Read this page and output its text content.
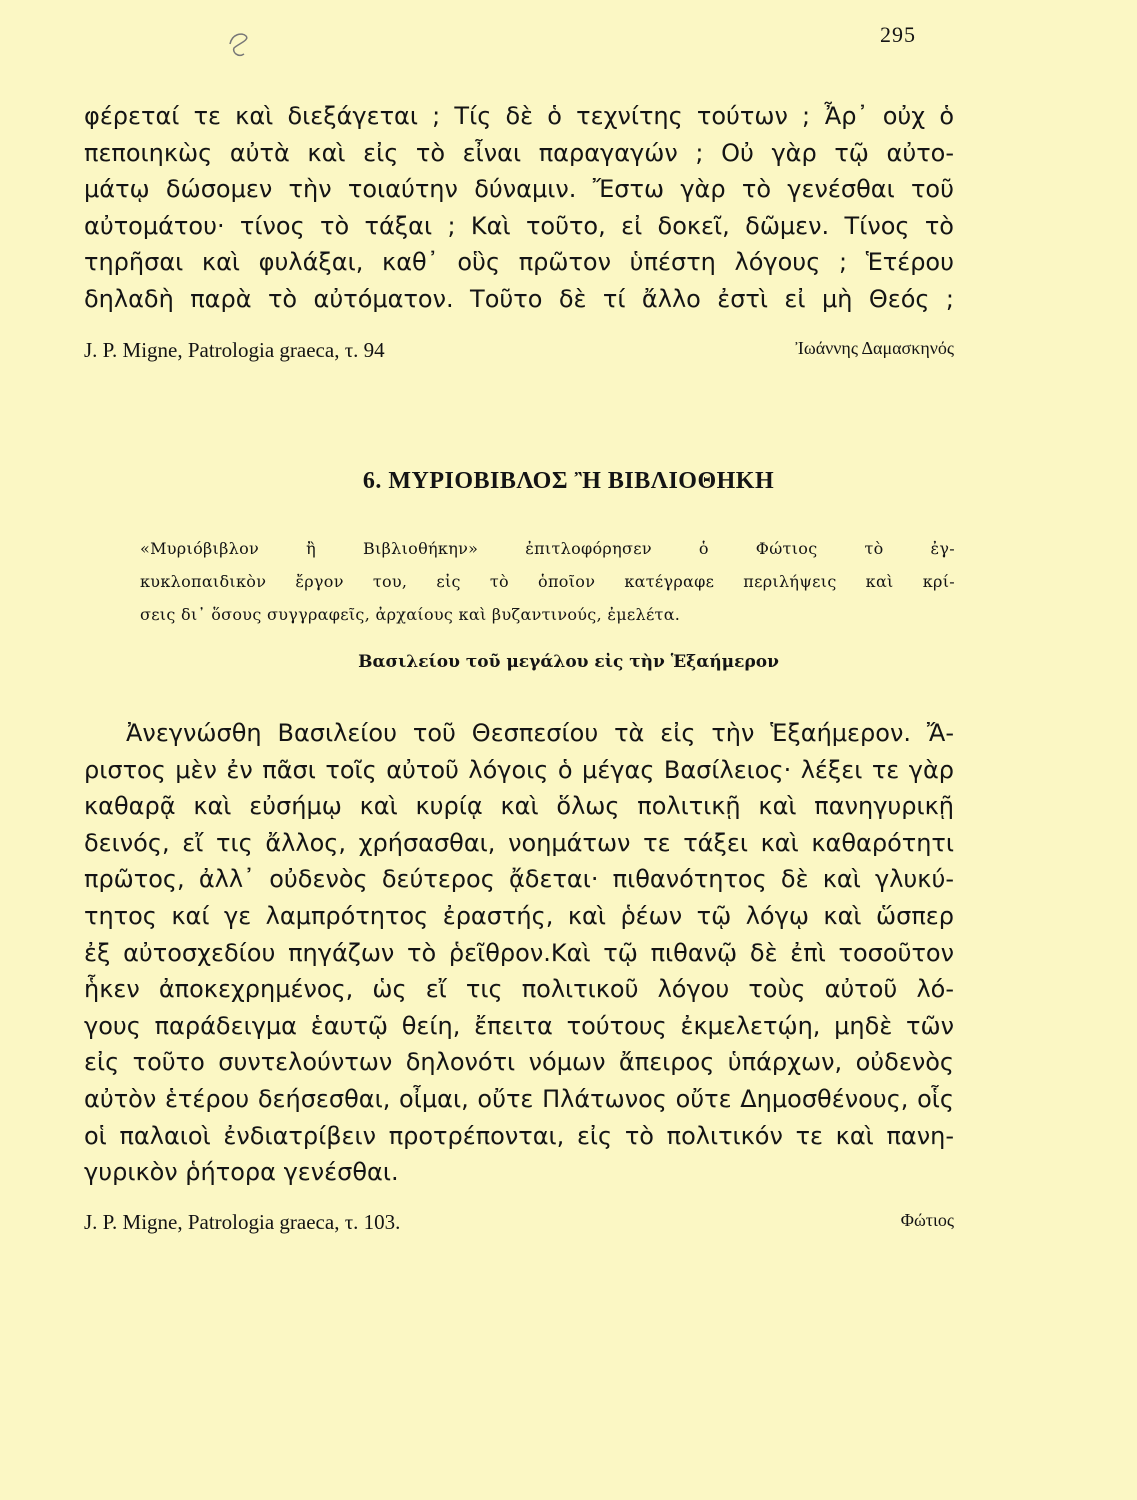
295
φέρεταί τε καὶ διεξάγεται ; Τίς δὲ ὁ τεχνίτης τούτων ; Ἆρ᾽ οὐχ ὁ
πεποιηκὼς αὐτὰ καὶ εἰς τὸ εἶναι παραγαγών ; Οὐ γὰρ τῷ αὐτο-
μάτῳ δώσομεν τὴν τοιαύτην δύναμιν. Ἔστω γὰρ τὸ γενέσθαι τοῦ
αὐτομάτου· τίνος τὸ τάξαι ; Καὶ τοῦτο, εἰ δοκεῖ, δῶμεν. Τίνος τὸ
τηρῆσαι καὶ φυλάξαι, καθ᾽ οὓς πρῶτον ὑπέστη λόγους ; Ἑτέρου
δηλαδὴ παρὰ τὸ αὐτόματον. Τοῦτο δὲ τί ἄλλο ἐστὶ εἰ μὴ Θεός ;
J. P. Migne, Patrologia graeca, τ. 94	Ἰωάννης Δαμασκηνός
6. ΜΥΡΙΟΒΙΒΛΟΣ Ἢ ΒΙΒΛΙΟΘΗΚΗ
«Μυριόβιβλον ἢ Βιβλιοθήκην» ἐπιτλοφόρησεν ὁ Φώτιος τὸ ἐγ-
κυκλοπαιδικὸν ἔργον του, εἰς τὸ ὁποῖον κατέγραφε περιλήψεις καὶ κρί-
σεις δι᾽ ὅσους συγγραφεῖς, ἀρχαίους καὶ βυζαντινούς, ἐμελέτα.
Βασιλείου τοῦ μεγάλου εἰς τὴν Ἑξαήμερον
Ἀνεγνώσθη Βασιλείου τοῦ Θεσπεσίου τὰ εἰς τὴν Ἑξαήμερον. Ἄ-
ριστος μὲν ἐν πᾶσι τοῖς αὐτοῦ λόγοις ὁ μέγας Βασίλειος· λέξει τε γὰρ
καθαρᾷ καὶ εὐσήμῳ καὶ κυρίᾳ καὶ ὅλως πολιτικῇ καὶ πανηγυρικῇ
δεινός, εἴ τις ἄλλος, χρήσασθαι, νοημάτων τε τάξει καὶ καθαρότητι
πρῶτος, ἀλλ᾽ οὐδενὸς δεύτερος ᾄδεται· πιθανότητος δὲ καὶ γλυκύ-
τητος καί γε λαμπρότητος ἐραστής, καὶ ῥέων τῷ λόγῳ καὶ ὥσπερ
ἐξ αὐτοσχεδίου πηγάζων τὸ ῥεῖθρον.Καὶ τῷ πιθανῷ δὲ ἐπὶ τοσοῦτον
ἧκεν ἀποκεχρημένος, ὡς εἴ τις πολιτικοῦ λόγου τοὺς αὐτοῦ λό-
γους παράδειγμα ἑαυτῷ θείη, ἔπειτα τούτους ἐκμελετῴη, μηδὲ τῶν
εἰς τοῦτο συντελούντων δηλονότι νόμων ἄπειρος ὑπάρχων, οὐδενὸς
αὐτὸν ἑτέρου δεήσεσθαι, οἶμαι, οὔτε Πλάτωνος οὔτε Δημοσθένους, οἷς
οἱ παλαιοὶ ἐνδιατρίβειν προτρέπονται, εἰς τὸ πολιτικόν τε καὶ πανη-
γυρικὸν ῥήτορα γενέσθαι.
J. P. Migne, Patrologia graeca, τ. 103.	Φώτιος
